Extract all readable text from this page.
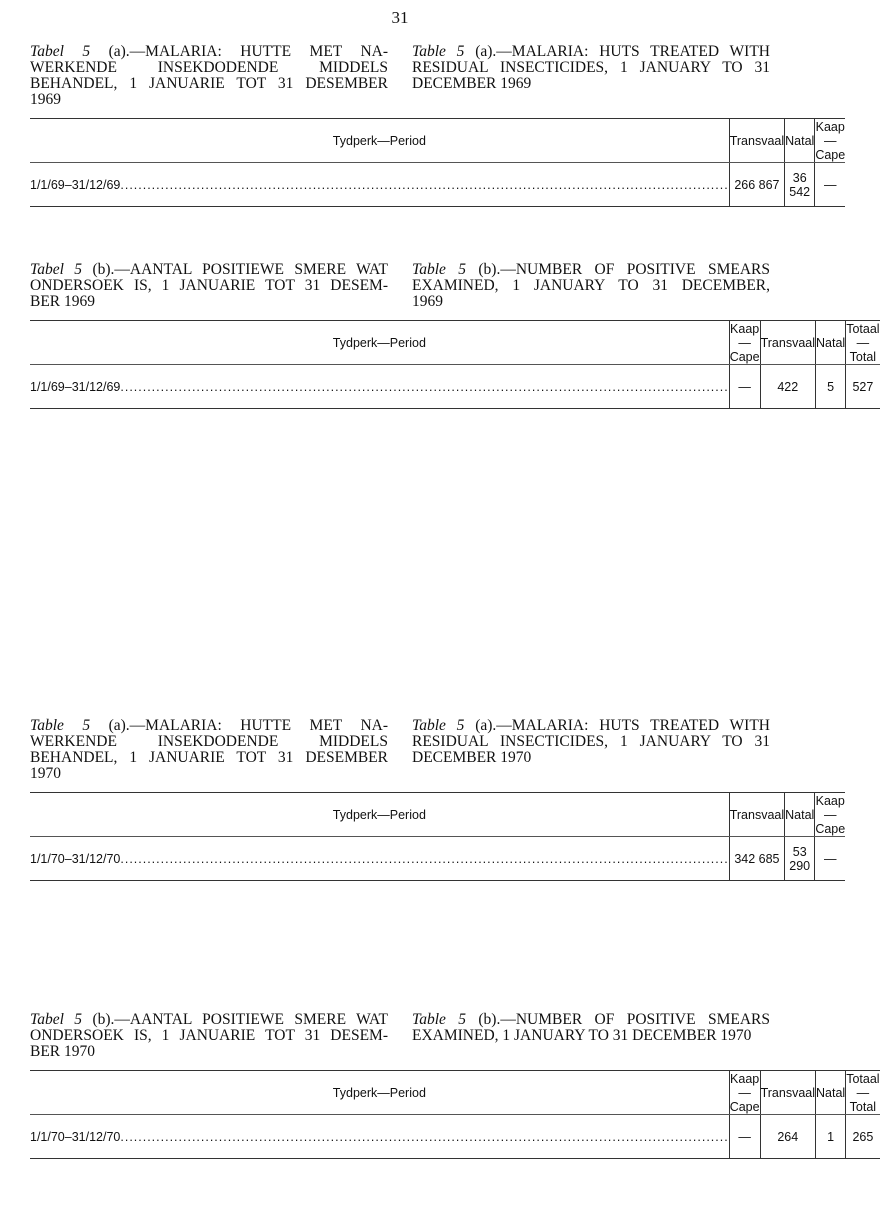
31
Tabel 5 (a).—MALARIA: HUTTE MET NA-
WERKENDE INSEKDODENDE MIDDELS
BEHANDEL, 1 JANUARIE TOT 31 DESEMBER
1969
Table 5 (a).—MALARIA: HUTS TREATED WITH
RESIDUAL INSECTICIDES, 1 JANUARY TO 31
DECEMBER 1969
Tydperk—Period	Transvaal	Natal	Kaap—Cape
1/1/69–31/12/69 .....	266 867	36 542	—
Tabel 5 (b).—AANTAL POSITIEWE SMERE WAT
ONDERSOEK IS, 1 JANUARIE TOT 31 DESEM-
BER 1969
Table 5 (b).—NUMBER OF POSITIVE SMEARS
EXAMINED, 1 JANUARY TO 31 DECEMBER,
1969
Tydperk—Period	Kaap—Cape	Transvaal	Natal	Totaal—Total
1/1/69–31/12/69 .....	—	422	5	527
Table 5 (a).—MALARIA: HUTTE MET NA-
WERKENDE INSEKDODENDE MIDDELS
BEHANDEL, 1 JANUARIE TOT 31 DESEMBER
1970
Table 5 (a).—MALARIA: HUTS TREATED WITH
RESIDUAL INSECTICIDES, 1 JANUARY TO 31
DECEMBER 1970
Tydperk—Period	Transvaal	Natal	Kaap—Cape
1/1/70–31/12/70 .....	342 685	53 290	—
Tabel 5 (b).—AANTAL POSITIEWE SMERE WAT
ONDERSOEK IS, 1 JANUARIE TOT 31 DESEM-
BER 1970
Table 5 (b).—NUMBER OF POSITIVE SMEARS
EXAMINED, 1 JANUARY TO 31 DECEMBER 1970
Tydperk—Period	Kaap—Cape	Transvaal	Natal	Totaal—Total
1/1/70–31/12/70 .....	—	264	1	265
